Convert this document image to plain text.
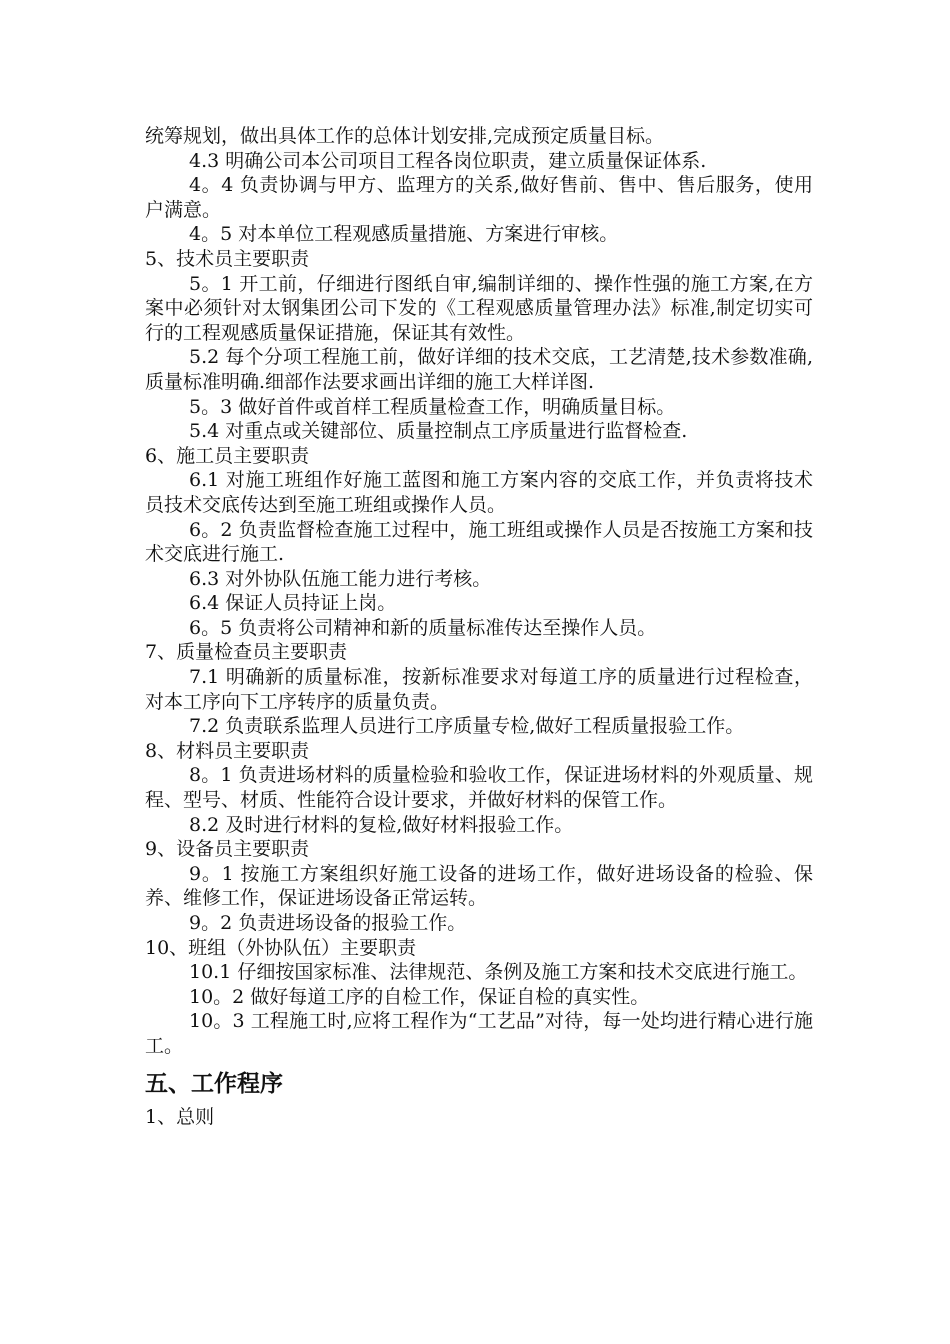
统筹规划，做出具体工作的总体计划安排,完成预定质量目标。

4.3 明确公司本公司项目工程各岗位职责，建立质量保证体系.

4。4 负责协调与甲方、监理方的关系,做好售前、售中、售后服务，使用户满意。

4。5 对本单位工程观感质量措施、方案进行审核。

5、技术员主要职责

5。1 开工前，仔细进行图纸自审,编制详细的、操作性强的施工方案,在方案中必须针对太钢集团公司下发的《工程观感质量管理办法》标准,制定切实可行的工程观感质量保证措施，保证其有效性。

5.2 每个分项工程施工前，做好详细的技术交底，工艺清楚,技术参数准确,质量标准明确.细部作法要求画出详细的施工大样详图.

5。3 做好首件或首样工程质量检查工作，明确质量目标。

5.4 对重点或关键部位、质量控制点工序质量进行监督检查.

6、施工员主要职责

6.1 对施工班组作好施工蓝图和施工方案内容的交底工作，并负责将技术员技术交底传达到至施工班组或操作人员。

6。2 负责监督检查施工过程中，施工班组或操作人员是否按施工方案和技术交底进行施工.

6.3 对外协队伍施工能力进行考核。

6.4 保证人员持证上岗。

6。5 负责将公司精神和新的质量标准传达至操作人员。

7、质量检查员主要职责

7.1 明确新的质量标准，按新标准要求对每道工序的质量进行过程检查，对本工序向下工序转序的质量负责。

7.2 负责联系监理人员进行工序质量专检,做好工程质量报验工作。

8、材料员主要职责

8。1 负责进场材料的质量检验和验收工作，保证进场材料的外观质量、规程、型号、材质、性能符合设计要求，并做好材料的保管工作。

8.2 及时进行材料的复检,做好材料报验工作。

9、设备员主要职责

9。1 按施工方案组织好施工设备的进场工作，做好进场设备的检验、保养、维修工作，保证进场设备正常运转。

9。2 负责进场设备的报验工作。

10、班组（外协队伍）主要职责

10.1 仔细按国家标准、法律规范、条例及施工方案和技术交底进行施工。

10。2 做好每道工序的自检工作，保证自检的真实性。

10。3 工程施工时,应将工程作为“工艺品”对待，每一处均进行精心进行施工。

五、工作程序

1、总则
